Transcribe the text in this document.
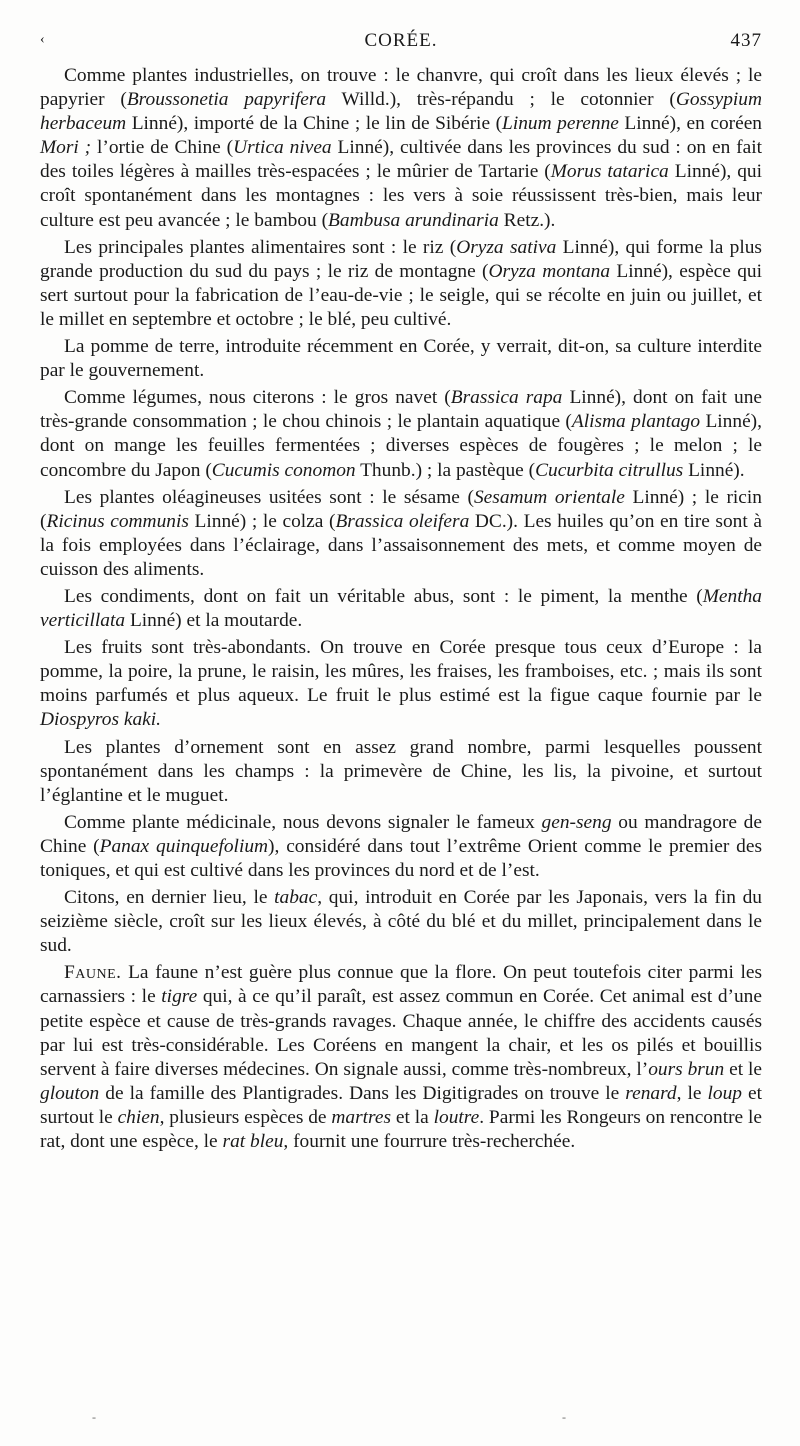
‹	CORÉE.	437

Comme plantes industrielles, on trouve : le chanvre, qui croît dans les lieux élevés ; le papyrier (Broussonetia papyrifera Willd.), très-répandu ; le cotonnier (Gossypium herbaceum Linné), importé de la Chine ; le lin de Sibérie (Linum perenne Linné), en coréen Mori ; l’ortie de Chine (Urtica nivea Linné), cultivée dans les provinces du sud : on en fait des toiles légères à mailles très-espacées ; le mûrier de Tartarie (Morus tatarica Linné), qui croît spontanément dans les montagnes : les vers à soie réussissent très-bien, mais leur culture est peu avancée ; le bambou (Bambusa arundinaria Retz.).

Les principales plantes alimentaires sont : le riz (Oryza sativa Linné), qui forme la plus grande production du sud du pays ; le riz de montagne (Oryza montana Linné), espèce qui sert surtout pour la fabrication de l’eau-de-vie ; le seigle, qui se récolte en juin ou juillet, et le millet en septembre et octobre ; le blé, peu cultivé.

La pomme de terre, introduite récemment en Corée, y verrait, dit-on, sa culture interdite par le gouvernement.

Comme légumes, nous citerons : le gros navet (Brassica rapa Linné), dont on fait une très-grande consommation ; le chou chinois ; le plantain aquatique (Alisma plantago Linné), dont on mange les feuilles fermentées ; diverses espèces de fougères ; le melon ; le concombre du Japon (Cucumis conomon Thunb.) ; la pastèque (Cucurbita citrullus Linné).

Les plantes oléagineuses usitées sont : le sésame (Sesamum orientale Linné) ; le ricin (Ricinus communis Linné) ; le colza (Brassica oleifera DC.). Les huiles qu’on en tire sont à la fois employées dans l’éclairage, dans l’assaisonnement des mets, et comme moyen de cuisson des aliments.

Les condiments, dont on fait un véritable abus, sont : le piment, la menthe (Mentha verticillata Linné) et la moutarde.

Les fruits sont très-abondants. On trouve en Corée presque tous ceux d’Europe : la pomme, la poire, la prune, le raisin, les mûres, les fraises, les framboises, etc. ; mais ils sont moins parfumés et plus aqueux. Le fruit le plus estimé est la figue caque fournie par le Diospyros kaki.

Les plantes d’ornement sont en assez grand nombre, parmi lesquelles poussent spontanément dans les champs : la primevère de Chine, les lis, la pivoine, et surtout l’églantine et le muguet.

Comme plante médicinale, nous devons signaler le fameux gen-seng ou mandragore de Chine (Panax quinquefolium), considéré dans tout l’extrême Orient comme le premier des toniques, et qui est cultivé dans les provinces du nord et de l’est.

Citons, en dernier lieu, le tabac, qui, introduit en Corée par les Japonais, vers la fin du seizième siècle, croît sur les lieux élevés, à côté du blé et du millet, principalement dans le sud.

Faune. La faune n’est guère plus connue que la flore. On peut toutefois citer parmi les carnassiers : le tigre qui, à ce qu’il paraît, est assez commun en Corée. Cet animal est d’une petite espèce et cause de très-grands ravages. Chaque année, le chiffre des accidents causés par lui est très-considérable. Les Coréens en mangent la chair, et les os pilés et bouillis servent à faire diverses médecines. On signale aussi, comme très-nombreux, l’ours brun et le glouton de la famille des Plantigrades. Dans les Digitigrades on trouve le renard, le loup et surtout le chien, plusieurs espèces de martres et la loutre. Parmi les Rongeurs on rencontre le rat, dont une espèce, le rat bleu, fournit une fourrure très-recherchée.

-	-
